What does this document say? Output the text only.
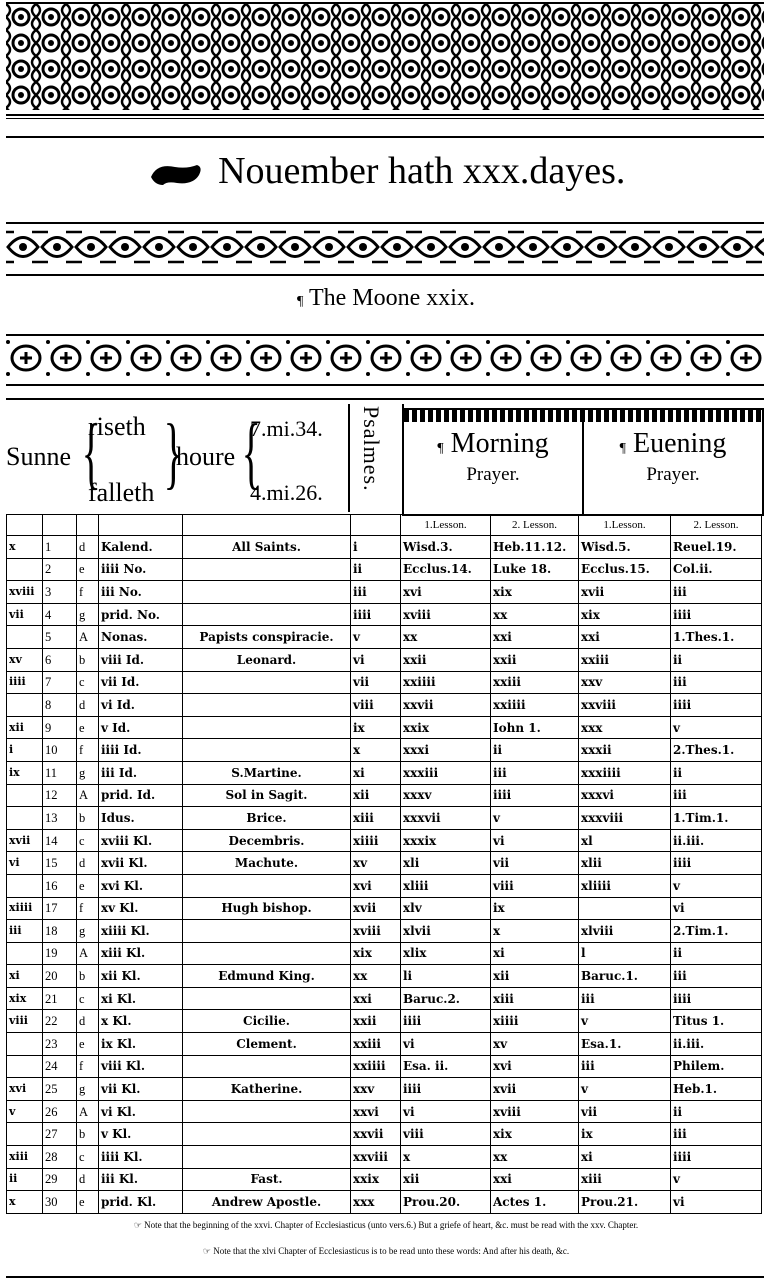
Nouember hath xxx.dayes.
¶ The Moone xxix.
Sunne {
riseth
falleth }
houre {
7.mi.34.
4.mi.26.
Psalmes.	¶ Morning
Prayer.
¶ Euening
Prayer.
						1.Lesson.	2. Lesson.	1.Lesson.	2. Lesson.
x	1	d	Kalend.	All Saints.	i	Wisd.3.	Heb.11.12.	Wisd.5.	Reuel.19.
	2	e	iiii No.		ii	Ecclus.14.	Luke 18.	Ecclus.15.	Col.ii.
xviii	3	f	iii No.		iii	xvi	xix	xvii	iii
vii	4	g	prid. No.		iiii	xviii	xx	xix	iiii
	5	A	Nonas.	Papists conspiracie.	v	xx	xxi	xxi	1.Thes.1.
xv	6	b	viii Id.	Leonard.	vi	xxii	xxii	xxiii	ii
iiii	7	c	vii Id.		vii	xxiiii	xxiii	xxv	iii
	8	d	vi Id.		viii	xxvii	xxiiii	xxviii	iiii
xii	9	e	v Id.		ix	xxix	Iohn 1.	xxx	v
i	10	f	iiii Id.		x	xxxi	ii	xxxii	2.Thes.1.
ix	11	g	iii Id.	S.Martine.	xi	xxxiii	iii	xxxiiii	ii
	12	A	prid. Id.	Sol in Sagit.	xii	xxxv	iiii	xxxvi	iii
	13	b	Idus.	Brice.	xiii	xxxvii	v	xxxviii	1.Tim.1.
xvii	14	c	xviii Kl.	Decembris.	xiiii	xxxix	vi	xl	ii.iii.
vi	15	d	xvii Kl.	Machute.	xv	xli	vii	xlii	iiii
	16	e	xvi Kl.		xvi	xliii	viii	xliiii	v
xiiii	17	f	xv Kl.	Hugh bishop.	xvii	xlv	ix		vi
iii	18	g	xiiii Kl.		xviii	xlvii	x	xlviii	2.Tim.1.
	19	A	xiii Kl.		xix	xlix	xi	l	ii
xi	20	b	xii Kl.	Edmund King.	xx	li	xii	Baruc.1.	iii
xix	21	c	xi Kl.		xxi	Baruc.2.	xiii	iii	iiii
viii	22	d	x Kl.	Cicilie.	xxii	iiii	xiiii	v	Titus 1.
	23	e	ix Kl.	Clement.	xxiii	vi	xv	Esa.1.	ii.iii.
	24	f	viii Kl.		xxiiii	Esa. ii.	xvi	iii	Philem.
xvi	25	g	vii Kl.	Katherine.	xxv	iiii	xvii	v	Heb.1.
v	26	A	vi Kl.		xxvi	vi	xviii	vii	ii
	27	b	v Kl.		xxvii	viii	xix	ix	iii
xiii	28	c	iiii Kl.		xxviii	x	xx	xi	iiii
ii	29	d	iii Kl.	Fast.	xxix	xii	xxi	xiii	v
x	30	e	prid. Kl.	Andrew Apostle.	xxx	Prou.20.	Actes 1.	Prou.21.	vi
☞ Note that the beginning of the xxvi. Chapter of Ecclesiasticus (unto vers.6.) But a griefe of heart, &c. must be read with the xxv. Chapter.
☞ Note that the xlvi Chapter of Ecclesiasticus is to be read unto these words: And after his death, &c.
